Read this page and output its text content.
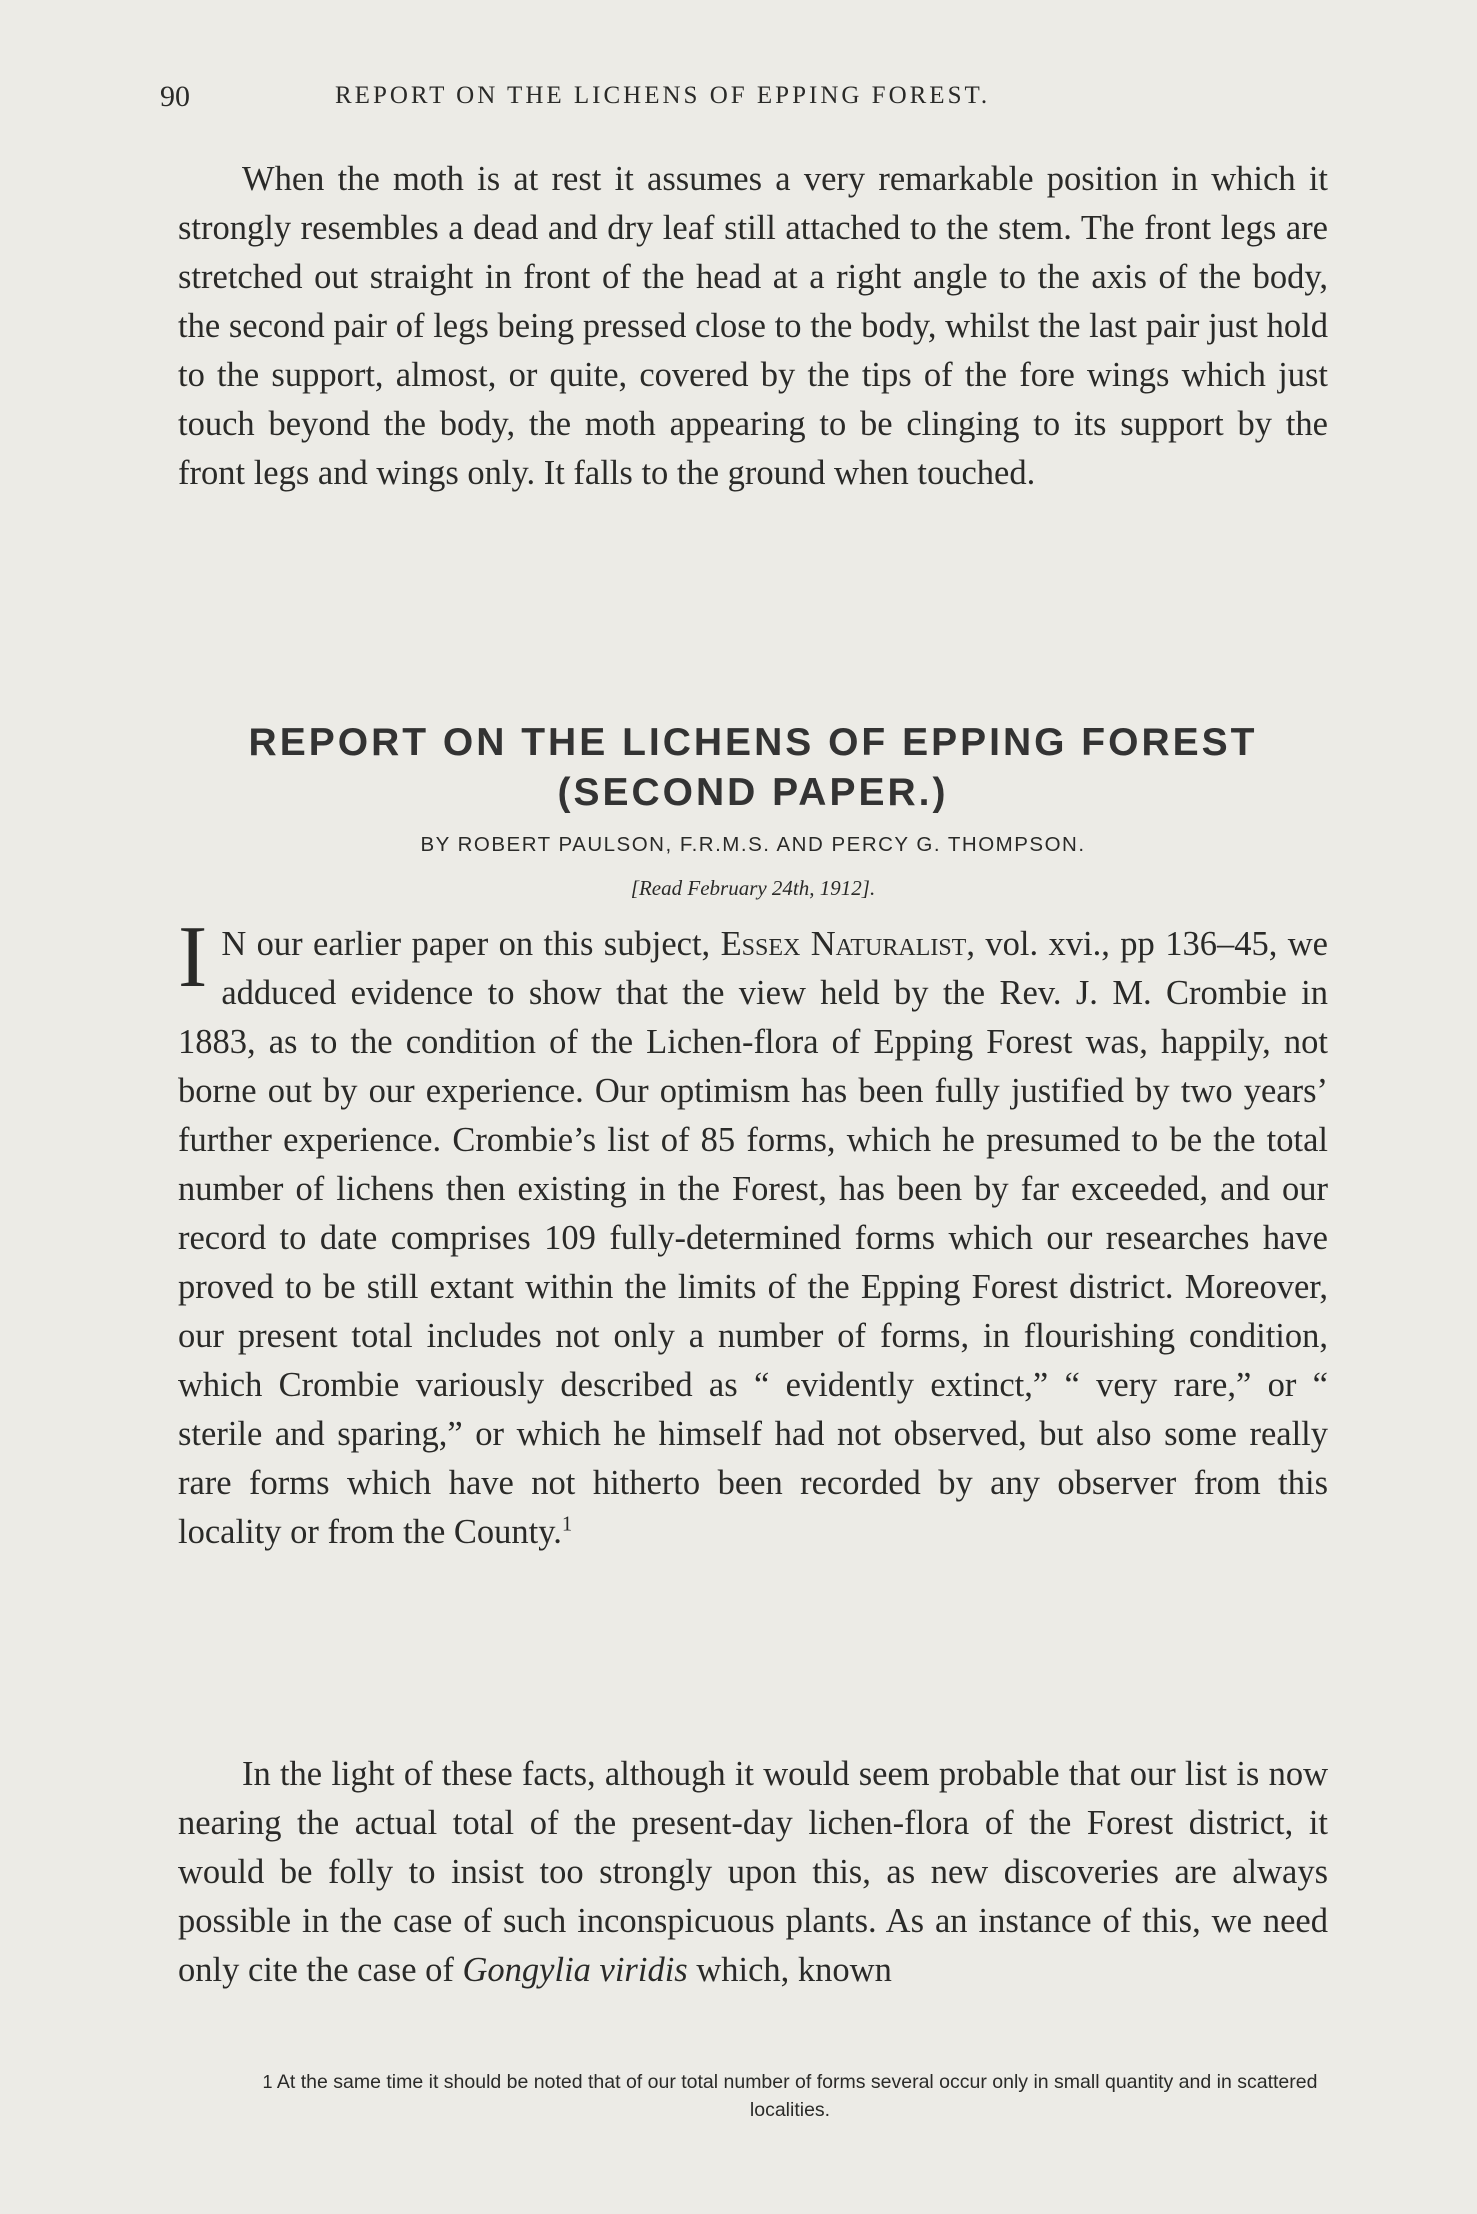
90	REPORT ON THE LICHENS OF EPPING FOREST.

When the moth is at rest it assumes a very remarkable position in which it strongly resembles a dead and dry leaf still attached to the stem. The front legs are stretched out straight in front of the head at a right angle to the axis of the body, the second pair of legs being pressed close to the body, whilst the last pair just hold to the support, almost, or quite, covered by the tips of the fore wings which just touch beyond the body, the moth appearing to be clinging to its support by the front legs and wings only. It falls to the ground when touched.

REPORT ON THE LICHENS OF EPPING FOREST (SECOND PAPER.)
BY ROBERT PAULSON, F.R.M.S. AND PERCY G. THOMPSON.
[Read February 24th, 1912].

I N our earlier paper on this subject, Essex Naturalist, vol. xvi., pp 136–45, we adduced evidence to show that the view held by the Rev. J. M. Crombie in 1883, as to the condition of the Lichen-flora of Epping Forest was, happily, not borne out by our experience. Our optimism has been fully justified by two years’ further experience. Crombie’s list of 85 forms, which he presumed to be the total number of lichens then existing in the Forest, has been by far exceeded, and our record to date comprises 109 fully-determined forms which our researches have proved to be still extant within the limits of the Epping Forest district. Moreover, our present total includes not only a number of forms, in flourishing condition, which Crombie variously described as “ evidently extinct,” “ very rare,” or “ sterile and sparing,” or which he himself had not observed, but also some really rare forms which have not hitherto been recorded by any observer from this locality or from the County.$^1$

In the light of these facts, although it would seem probable that our list is now nearing the actual total of the present-day lichen-flora of the Forest district, it would be folly to insist too strongly upon this, as new discoveries are always possible in the case of such inconspicuous plants. As an instance of this, we need only cite the case of Gongylia viridis which, known

1 At the same time it should be noted that of our total number of forms several occur only in small quantity and in scattered localities.
